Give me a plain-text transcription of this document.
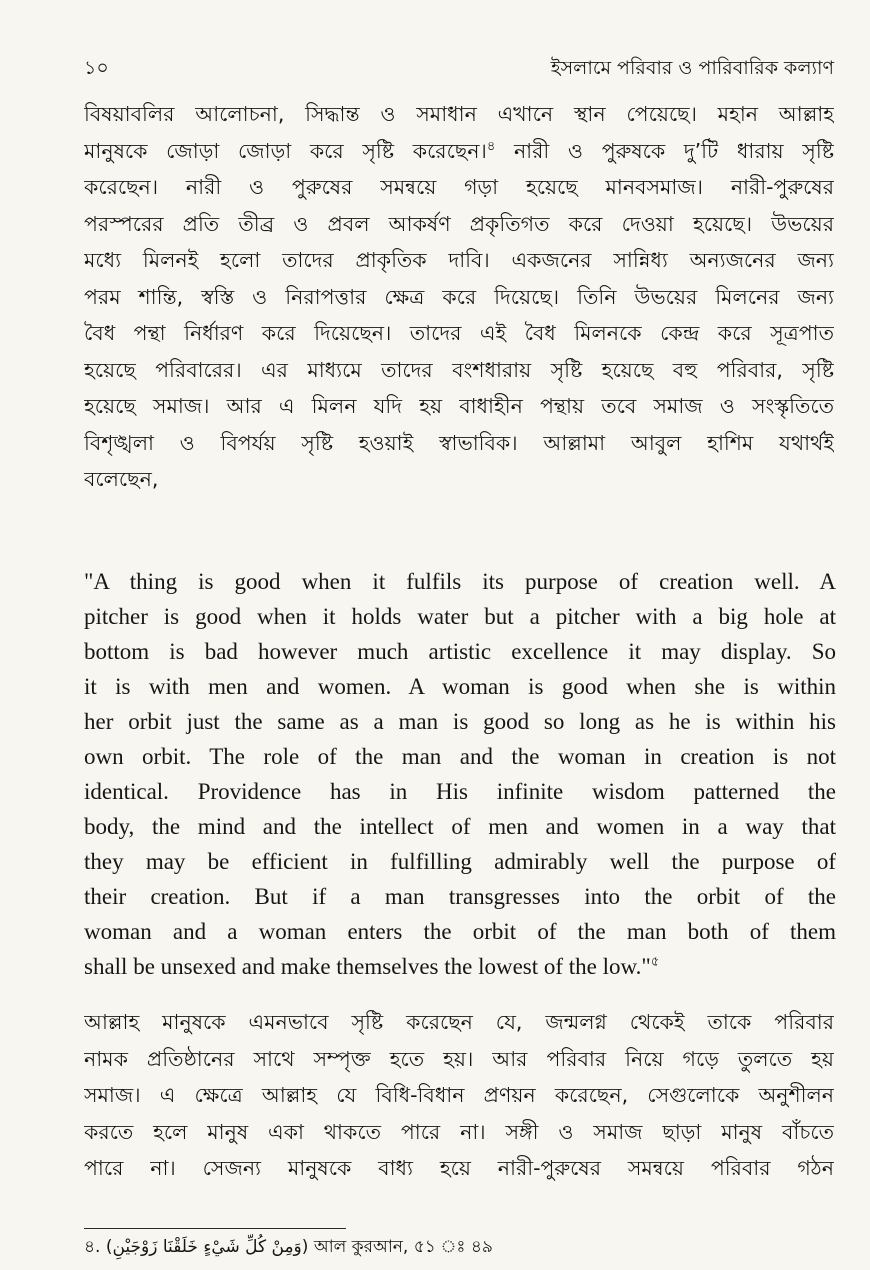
১০	ইসলামে পরিবার ও পারিবারিক কল্যাণ
বিষয়াবলির আলোচনা, সিদ্ধান্ত ও সমাধান এখানে স্থান পেয়েছে। মহান আল্লাহ
মানুষকে জোড়া জোড়া করে সৃষ্টি করেছেন।$^৪$ নারী ও পুরুষকে দু’টি ধারায় সৃষ্টি
করেছেন। নারী ও পুরুষের সমন্বয়ে গড়া হয়েছে মানবসমাজ। নারী-পুরুষের
পরস্পরের প্রতি তীব্র ও প্রবল আকর্ষণ প্রকৃতিগত করে দেওয়া হয়েছে। উভয়ের
মধ্যে মিলনই হলো তাদের প্রাকৃতিক দাবি। একজনের সান্নিধ্য অন্যজনের জন্য
পরম শান্তি, স্বস্তি ও নিরাপত্তার ক্ষেত্র করে দিয়েছে। তিনি উভয়ের মিলনের জন্য
বৈধ পন্থা নির্ধারণ করে দিয়েছেন। তাদের এই বৈধ মিলনকে কেন্দ্র করে সূত্রপাত
হয়েছে পরিবারের। এর মাধ্যমে তাদের বংশধারায় সৃষ্টি হয়েছে বহু পরিবার, সৃষ্টি
হয়েছে সমাজ। আর এ মিলন যদি হয় বাধাহীন পন্থায় তবে সমাজ ও সংস্কৃতিতে
বিশৃঙ্খলা ও বিপর্যয় সৃষ্টি হওয়াই স্বাভাবিক। আল্লামা আবুল হাশিম যথার্থই
বলেছেন,
"A thing is good when it fulfils its purpose of creation well. A
pitcher is good when it holds water but a pitcher with a big hole at
bottom is bad however much artistic excellence it may display. So
it is with men and women. A woman is good when she is within
her orbit just the same as a man is good so long as he is within his
own orbit. The role of the man and the woman in creation is not
identical. Providence has in His infinite wisdom patterned the
body, the mind and the intellect of men and women in a way that
they may be efficient in fulfilling admirably well the purpose of
their creation. But if a man transgresses into the orbit of the
woman and a woman enters the orbit of the man both of them
shall be unsexed and make themselves the lowest of the low."$^৫$
আল্লাহ মানুষকে এমনভাবে সৃষ্টি করেছেন যে, জন্মলগ্ন থেকেই তাকে পরিবার
নামক প্রতিষ্ঠানের সাথে সম্পৃক্ত হতে হয়। আর পরিবার নিয়ে গড়ে তুলতে হয়
সমাজ। এ ক্ষেত্রে আল্লাহ যে বিধি-বিধান প্রণয়ন করেছেন, সেগুলোকে অনুশীলন
করতে হলে মানুষ একা থাকতে পারে না। সঙ্গী ও সমাজ ছাড়া মানুষ বাঁচতে
পারে না। সেজন্য মানুষকে বাধ্য হয়ে নারী-পুরুষের সমন্বয়ে পরিবার গঠন
৪. (وَمِنْ كُلِّ شَيْءٍ خَلَقْنَا زَوْجَيْنِ) আল কুরআন, ৫১ ঃ ৪৯
